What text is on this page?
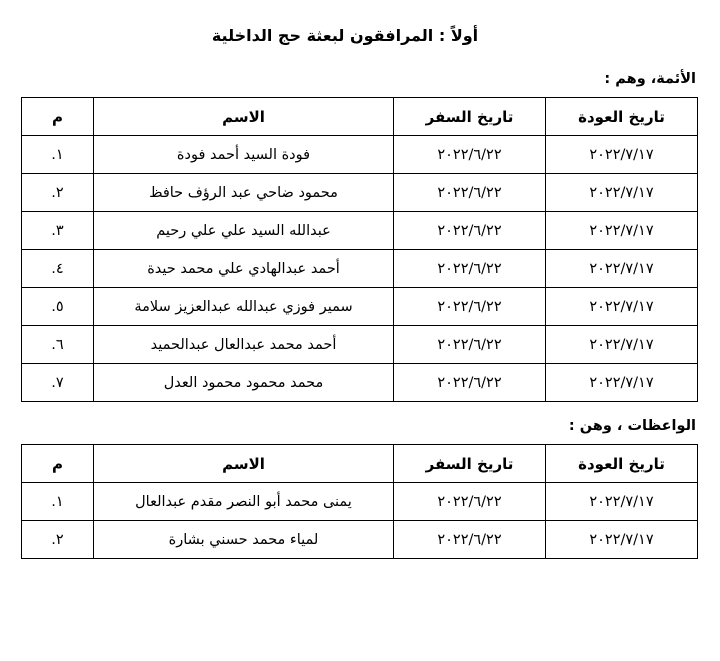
أولاً : المرافقون لبعثة حج الداخلية
الأئمة، وهم :
تاريخ العودة	تاريخ السفر	الاسم	م
٢٠٢٢/٧/١٧	٢٠٢٢/٦/٢٢	فودة السيد أحمد فودة	١.
٢٠٢٢/٧/١٧	٢٠٢٢/٦/٢٢	محمود ضاحي عبد الرؤف حافظ	٢.
٢٠٢٢/٧/١٧	٢٠٢٢/٦/٢٢	عبدالله السيد علي علي رحيم	٣.
٢٠٢٢/٧/١٧	٢٠٢٢/٦/٢٢	أحمد عبدالهادي علي محمد حيدة	٤.
٢٠٢٢/٧/١٧	٢٠٢٢/٦/٢٢	سمير فوزي عبدالله عبدالعزيز سلامة	٥.
٢٠٢٢/٧/١٧	٢٠٢٢/٦/٢٢	أحمد محمد عبدالعال عبدالحميد	٦.
٢٠٢٢/٧/١٧	٢٠٢٢/٦/٢٢	محمد محمود محمود العدل	٧.
الواعظات ، وهن :
تاريخ العودة	تاريخ السفر	الاسم	م
٢٠٢٢/٧/١٧	٢٠٢٢/٦/٢٢	يمنى محمد أبو النصر مقدم عبدالعال	١.
٢٠٢٢/٧/١٧	٢٠٢٢/٦/٢٢	لمياء محمد حسني بشارة	٢.
